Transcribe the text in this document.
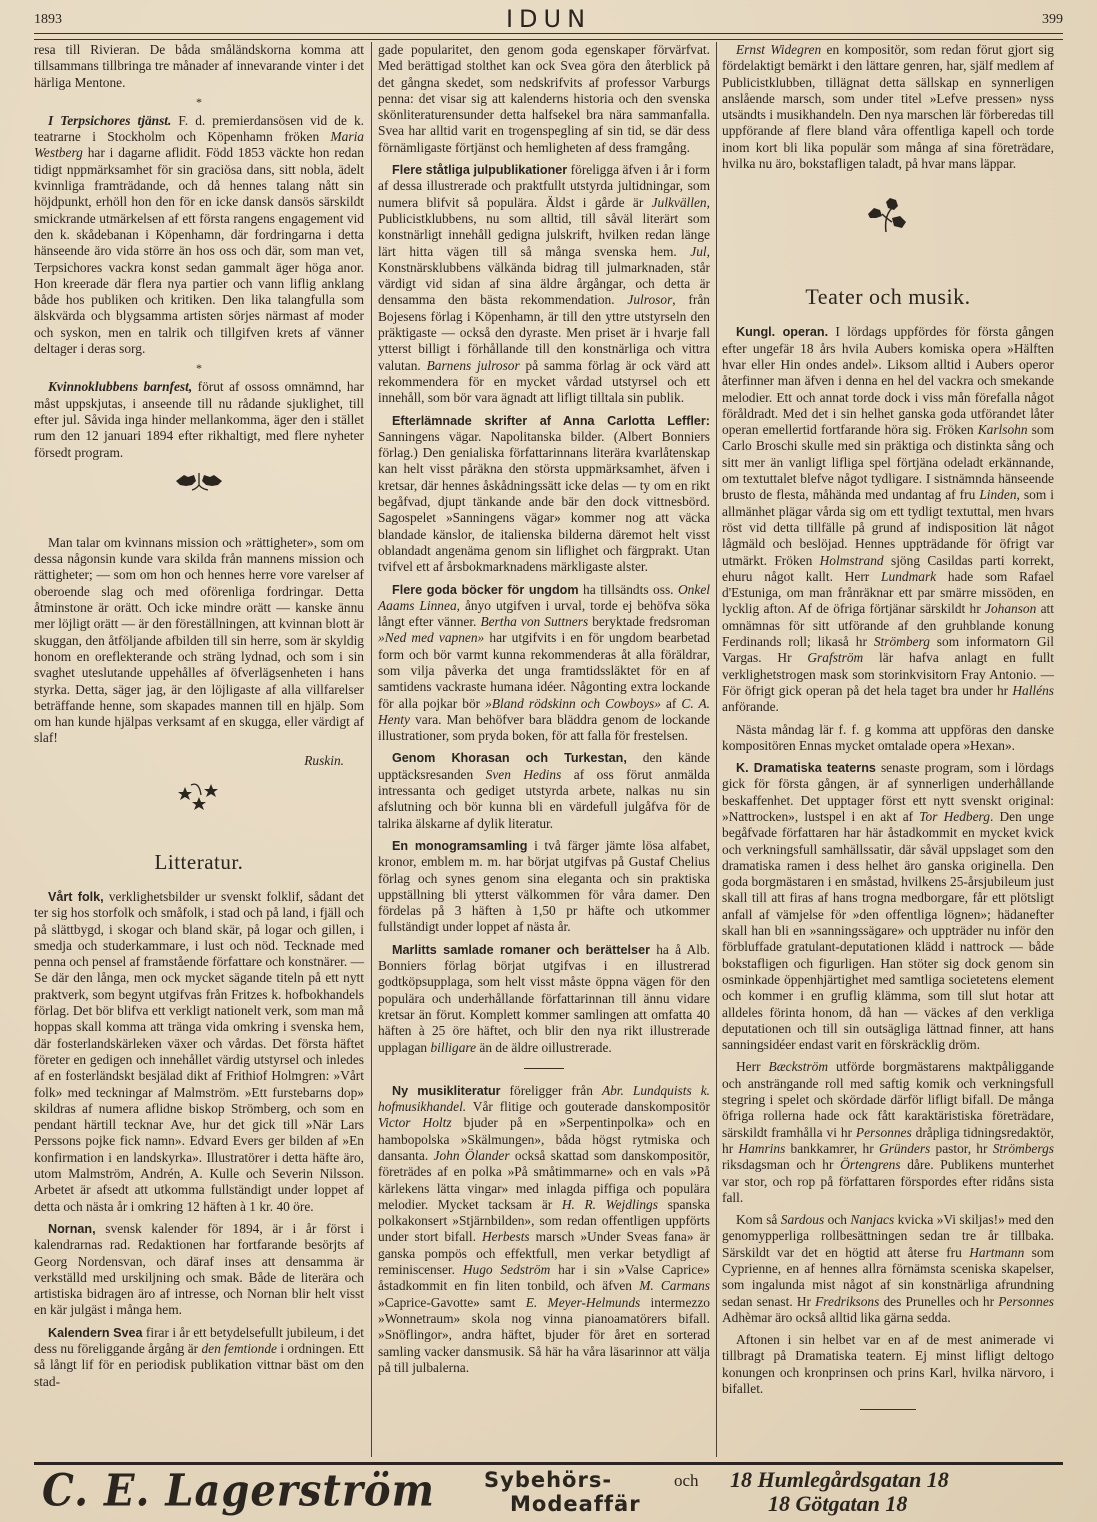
1893	IDUN	399

resa till Rivieran. De båda småländskorna komma att tillsammans tillbringa tre månader af innevarande vinter i det härliga Mentone.

*

I Terpsichores tjänst. F. d. premierdansösen vid de k. teatrarne i Stockholm och Köpenhamn fröken Maria Westberg har i dagarne aflidit. Född 1853 väckte hon redan tidigt nppmärksamhet för sin graciösa dans, sitt nobla, ädelt kvinnliga framträdande, och då hennes talang nått sin höjdpunkt, erhöll hon den för en icke dansk dansös särskildt smickrande utmärkelsen af ett första rangens engagement vid den k. skådebanan i Köpenhamn, där fordringarna i detta hänseende äro vida större än hos oss och där, som man vet, Terpsichores vackra konst sedan gammalt äger höga anor. Hon kreerade där flera nya partier och vann liflig anklang både hos publiken och kritiken. Den lika talangfulla som älskvärda och blygsamma artisten sörjes närmast af moder och syskon, men en talrik och tillgifven krets af vänner deltager i deras sorg.

*

Kvinnoklubbens barnfest, förut af ossoss omnämnd, har måst uppskjutas, i anseende till nu rådande sjuklighet, till efter jul. Såvida inga hinder mellankomma, äger den i stället rum den 12 januari 1894 efter rikhaltigt, med flere nyheter försedt program.

Man talar om kvinnans mission och »rättigheter», som om dessa någonsin kunde vara skilda från mannens mission och rättigheter; — som om hon och hennes herre vore varelser af oberoende slag och med oförenliga fordringar. Detta åtminstone är orätt. Och icke mindre orätt — kanske ännu mer löjligt orätt — är den föreställningen, att kvinnan blott är skuggan, den åtföljande afbilden till sin herre, som är skyldig honom en oreflekterande och sträng lydnad, och som i sin svaghet uteslutande uppehålles af öfverlägsenheten i hans styrka. Detta, säger jag, är den löjligaste af alla villfarelser beträffande henne, som skapades mannen till en hjälp. Som om han kunde hjälpas verksamt af en skugga, eller värdigt af slaf!

Ruskin.
Litteratur.

Vårt folk, verklighetsbilder ur svenskt folklif, sådant det ter sig hos storfolk och småfolk, i stad och på land, i fjäll och på slättbygd, i skogar och bland skär, på logar och gillen, i smedja och studerkammare, i lust och nöd. Tecknade med penna och pensel af framstående författare och konstnärer. — Se där den långa, men ock mycket sägande titeln på ett nytt praktverk, som begynt utgifvas från Fritzes k. hofbokhandels förlag. Det bör blifva ett verkligt nationelt verk, som man må hoppas skall komma att tränga vida omkring i svenska hem, där fosterlandskärleken växer och vårdas. Det första häftet företer en gedigen och innehållet värdig utstyrsel och inledes af en fosterländskt besjälad dikt af Frithiof Holmgren: »Vårt folk» med teckningar af Malmström. »Ett furstebarns dop» skildras af numera aflidne biskop Strömberg, och som en pendant härtill tecknar Ave, hur det gick till »När Lars Perssons pojke fick namn». Edvard Evers ger bilden af »En konfirmation i en landskyrka». Illustratörer i detta häfte äro, utom Malmström, Andrén, A. Kulle och Severin Nilsson. Arbetet är afsedt att utkomma fullständigt under loppet af detta och nästa år i omkring 12 häften à 1 kr. 40 öre.

Nornan, svensk kalender för 1894, är i år först i kalendrarnas rad. Redaktionen har fortfarande besörjts af Georg Nordensvan, och däraf inses att densamma är verkställd med urskiljning och smak. Både de literära och artistiska bidragen äro af intresse, och Nornan blir helt visst en kär julgäst i många hem.

Kalendern Svea firar i år ett betydelsefullt jubileum, i det dess nu föreliggande årgång är den femtionde i ordningen. Ett så långt lif för en periodisk publikation vittnar bäst om den stad-

gade popularitet, den genom goda egenskaper förvärfvat. Med berättigad stolthet kan ock Svea göra den återblick på det gångna skedet, som nedskrifvits af professor Varburgs penna: det visar sig att kalenderns historia och den svenska skönliteraturensunder detta halfsekel bra nära sammanfalla. Svea har alltid varit en trogenspegling af sin tid, se där dess förnämligaste förtjänst och hemligheten af dess framgång.

Flere ståtliga julpublikationer föreligga äfven i år i form af dessa illustrerade och praktfullt utstyrda jultidningar, som numera blifvit så populära. Äldst i gårde är Julkvällen, Publicistklubbens, nu som alltid, till såväl literärt som konstnärligt innehåll gedigna julskrift, hvilken redan länge lärt hitta vägen till så många svenska hem. Jul, Konstnärsklubbens välkända bidrag till julmarknaden, står värdigt vid sidan af sina äldre årgångar, och detta är densamma den bästa rekommendation. Julrosor, från Bojesens förlag i Köpenhamn, är till den yttre utstyrseln den präktigaste — också den dyraste. Men priset är i hvarje fall ytterst billigt i förhållande till den konstnärliga och vittra valutan. Barnens julrosor på samma förlag är ock värd att rekommendera för en mycket vårdad utstyrsel och ett innehåll, som bör vara ägnadt att lifligt tilltala sin publik.

Efterlämnade skrifter af Anna Carlotta Leffler: Sanningens vägar. Napolitanska bilder. (Albert Bonniers förlag.) Den genialiska författarinnans literära kvarlåtenskap kan helt visst påräkna den största uppmärksamhet, äfven i kretsar, där hennes åskådningssätt icke delas — ty om en rikt begåfvad, djupt tänkande ande bär den dock vittnesbörd. Sagospelet »Sanningens vägar» kommer nog att väcka blandade känslor, de italienska bilderna däremot helt visst oblandadt angenäma genom sin liflighet och färgprakt. Utan tvifvel ett af årsbokmarknadens märkligaste alster.

Flere goda böcker för ungdom ha tillsändts oss. Onkel Aaams Linnea, ånyo utgifven i urval, torde ej behöfva söka långt efter vänner. Bertha von Suttners beryktade fredsroman »Ned med vapnen» har utgifvits i en för ungdom bearbetad form och bör varmt kunna rekommenderas åt alla föräldrar, som vilja påverka det unga framtidssläktet för en af samtidens vackraste humana idéer. Någonting extra lockande för alla pojkar bör »Bland rödskinn och Cowboys» af C. A. Henty vara. Man behöfver bara bläddra genom de lockande illustrationer, som pryda boken, för att falla för frestelsen.

Genom Khorasan och Turkestan, den kände upptäcksresanden Sven Hedins af oss förut anmälda intressanta och gediget utstyrda arbete, nalkas nu sin afslutning och bör kunna bli en värdefull julgåfva för de talrika älskarne af dylik literatur.

En monogramsamling i två färger jämte lösa alfabet, kronor, emblem m. m. har börjat utgifvas på Gustaf Chelius förlag och synes genom sina eleganta och sin praktiska uppställning bli ytterst välkommen för våra damer. Den fördelas på 3 häften à 1,50 pr häfte och utkommer fullständigt under loppet af nästa år.

Marlitts samlade romaner och berättelser ha å Alb. Bonniers förlag börjat utgifvas i en illustrerad godtköpsupplaga, som helt visst måste öppna vägen för den populära och underhållande författarinnan till ännu vidare kretsar än förut. Komplett kommer samlingen att omfatta 40 häften à 25 öre häftet, och blir den nya rikt illustrerade upplagan billigare än de äldre oillustrerade.

Ny musikliteratur föreligger från Abr. Lundquists k. hofmusikhandel. Vår flitige och gouterade danskompositör Victor Holtz bjuder på en »Serpentinpolka» och en hambopolska »Skälmungen», båda högst rytmiska och dansanta. John Ölander också skattad som danskompositör, företrädes af en polka »På småtimmarne» och en vals »På kärlekens lätta vingar» med inlagda piffiga och populära melodier. Mycket tacksam är H. R. Wejdlings spanska polkakonsert »Stjärnbilden», som redan offentligen uppförts under stort bifall. Herbests marsch »Under Sveas fana» är ganska pompös och effektfull, men verkar betydligt af reminiscenser. Hugo Sedström har i sin »Valse Caprice» åstadkommit en fin liten tonbild, och äfven M. Carmans »Caprice-Gavotte» samt E. Meyer-Helmunds intermezzo »Wonnetraum» skola nog vinna pianoamatörers bifall. »Snöflingor», andra häftet, bjuder för året en sorterad samling vacker dansmusik. Så här ha våra läsarinnor att välja på till julbalerna.

Ernst Widegren en kompositör, som redan förut gjort sig fördelaktigt bemärkt i den lättare genren, har, själf medlem af Publicistklubben, tillägnat detta sällskap en synnerligen anslående marsch, som under titel »Lefve pressen» nyss utsändts i musikhandeln. Den nya marschen lär förberedas till uppförande af flere bland våra offentliga kapell och torde inom kort bli lika populär som många af sina företrädare, hvilka nu äro, bokstafligen taladt, på hvar mans läppar.

Teater och musik.

Kungl. operan. I lördags uppfördes för första gången efter ungefär 18 års hvila Aubers komiska opera »Hälften hvar eller Hin ondes andel». Liksom alltid i Aubers operor återfinner man äfven i denna en hel del vackra och smekande melodier. Ett och annat torde dock i viss mån förefalla något föråldradt. Med det i sin helhet ganska goda utförandet låter operan emellertid fortfarande höra sig. Fröken Karlsohn som Carlo Broschi skulle med sin präktiga och distinkta sång och sitt mer än vanligt lifliga spel förtjäna odeladt erkännande, om textuttalet blefve något tydligare. I sistnämnda hänseende brusto de flesta, måhända med undantag af fru Linden, som i allmänhet plägar vårda sig om ett tydligt textuttal, men hvars röst vid detta tillfälle på grund af indisposition lät något lågmäld och beslöjad. Hennes uppträdande för öfrigt var utmärkt. Fröken Holmstrand sjöng Casildas parti korrekt, ehuru något kallt. Herr Lundmark hade som Rafael d'Estuniga, om man frånräknar ett par smärre missöden, en lycklig afton. Af de öfriga förtjänar särskildt hr Johanson att omnämnas för sitt utförande af den gruhblande konung Ferdinands roll; likaså hr Strömberg som informatorn Gil Vargas. Hr Grafström lär hafva anlagt en fullt verklighetstrogen mask som storinkvisitorn Fray Antonio. — För öfrigt gick operan på det hela taget bra under hr Halléns anförande.

Nästa måndag lär f. f. g komma att uppföras den danske kompositören Ennas mycket omtalade opera »Hexan».

K. Dramatiska teaterns senaste program, som i lördags gick för första gången, är af synnerligen underhållande beskaffenhet. Det upptager först ett nytt svenskt original: »Nattrocken», lustspel i en akt af Tor Hedberg. Den unge begåfvade författaren har här åstadkommit en mycket kvick och verkningsfull samhällssatir, där såväl uppslaget som den dramatiska ramen i dess helhet äro ganska originella. Den goda borgmästaren i en småstad, hvilkens 25-årsjubileum just skall till att firas af hans trogna medborgare, får ett plötsligt anfall af vämjelse för »den offentliga lögnen»; hädanefter skall han bli en »sanningssägare» och uppträder nu inför den förbluffade gratulant-deputationen klädd i nattrock — både bokstafligen och figurligen. Han stöter sig dock genom sin osminkade öppenhjärtighet med samtliga societetens element och kommer i en gruflig klämma, som till slut hotar att alldeles förinta honom, då han — väckes af den verkliga deputationen och till sin outsägliga lättnad finner, att hans sanningsidéer endast varit en förskräcklig dröm.

Herr Bæckström utförde borgmästarens maktpåliggande och ansträngande roll med saftig komik och verkningsfull stegring i spelet och skördade därför lifligt bifall. De många öfriga rollerna hade ock fått karaktäristiska företrädare, särskildt framhålla vi hr Personnes dråpliga tidningsredaktör, hr Hamrins bankkamrer, hr Gründers pastor, hr Strömbergs riksdagsman och hr Örtengrens dåre. Publikens munterhet var stor, och rop på författaren förspordes efter ridåns sista fall.

Kom så Sardous och Nanjacs kvicka »Vi skiljas!» med den genomypperliga rollbesättningen sedan tre år tillbaka. Särskildt var det en högtid att återse fru Hartmann som Cyprienne, en af hennes allra förnämsta sceniska skapelser, som ingalunda mist något af sin konstnärliga afrundning sedan senast. Hr Fredriksons des Prunelles och hr Personnes Adhèmar äro också alltid lika gärna sedda.

Aftonen i sin helbet var en af de mest animerade vi tillbragt på Dramatiska teatern. Ej minst lifligt deltogo konungen och kronprinsen och prins Karl, hvilka närvoro, i bifallet.

C. E. Lagerström Sybehörs-	och
Modeaffär
18 Humlegårdsgatan 18
18 Götgatan 18
